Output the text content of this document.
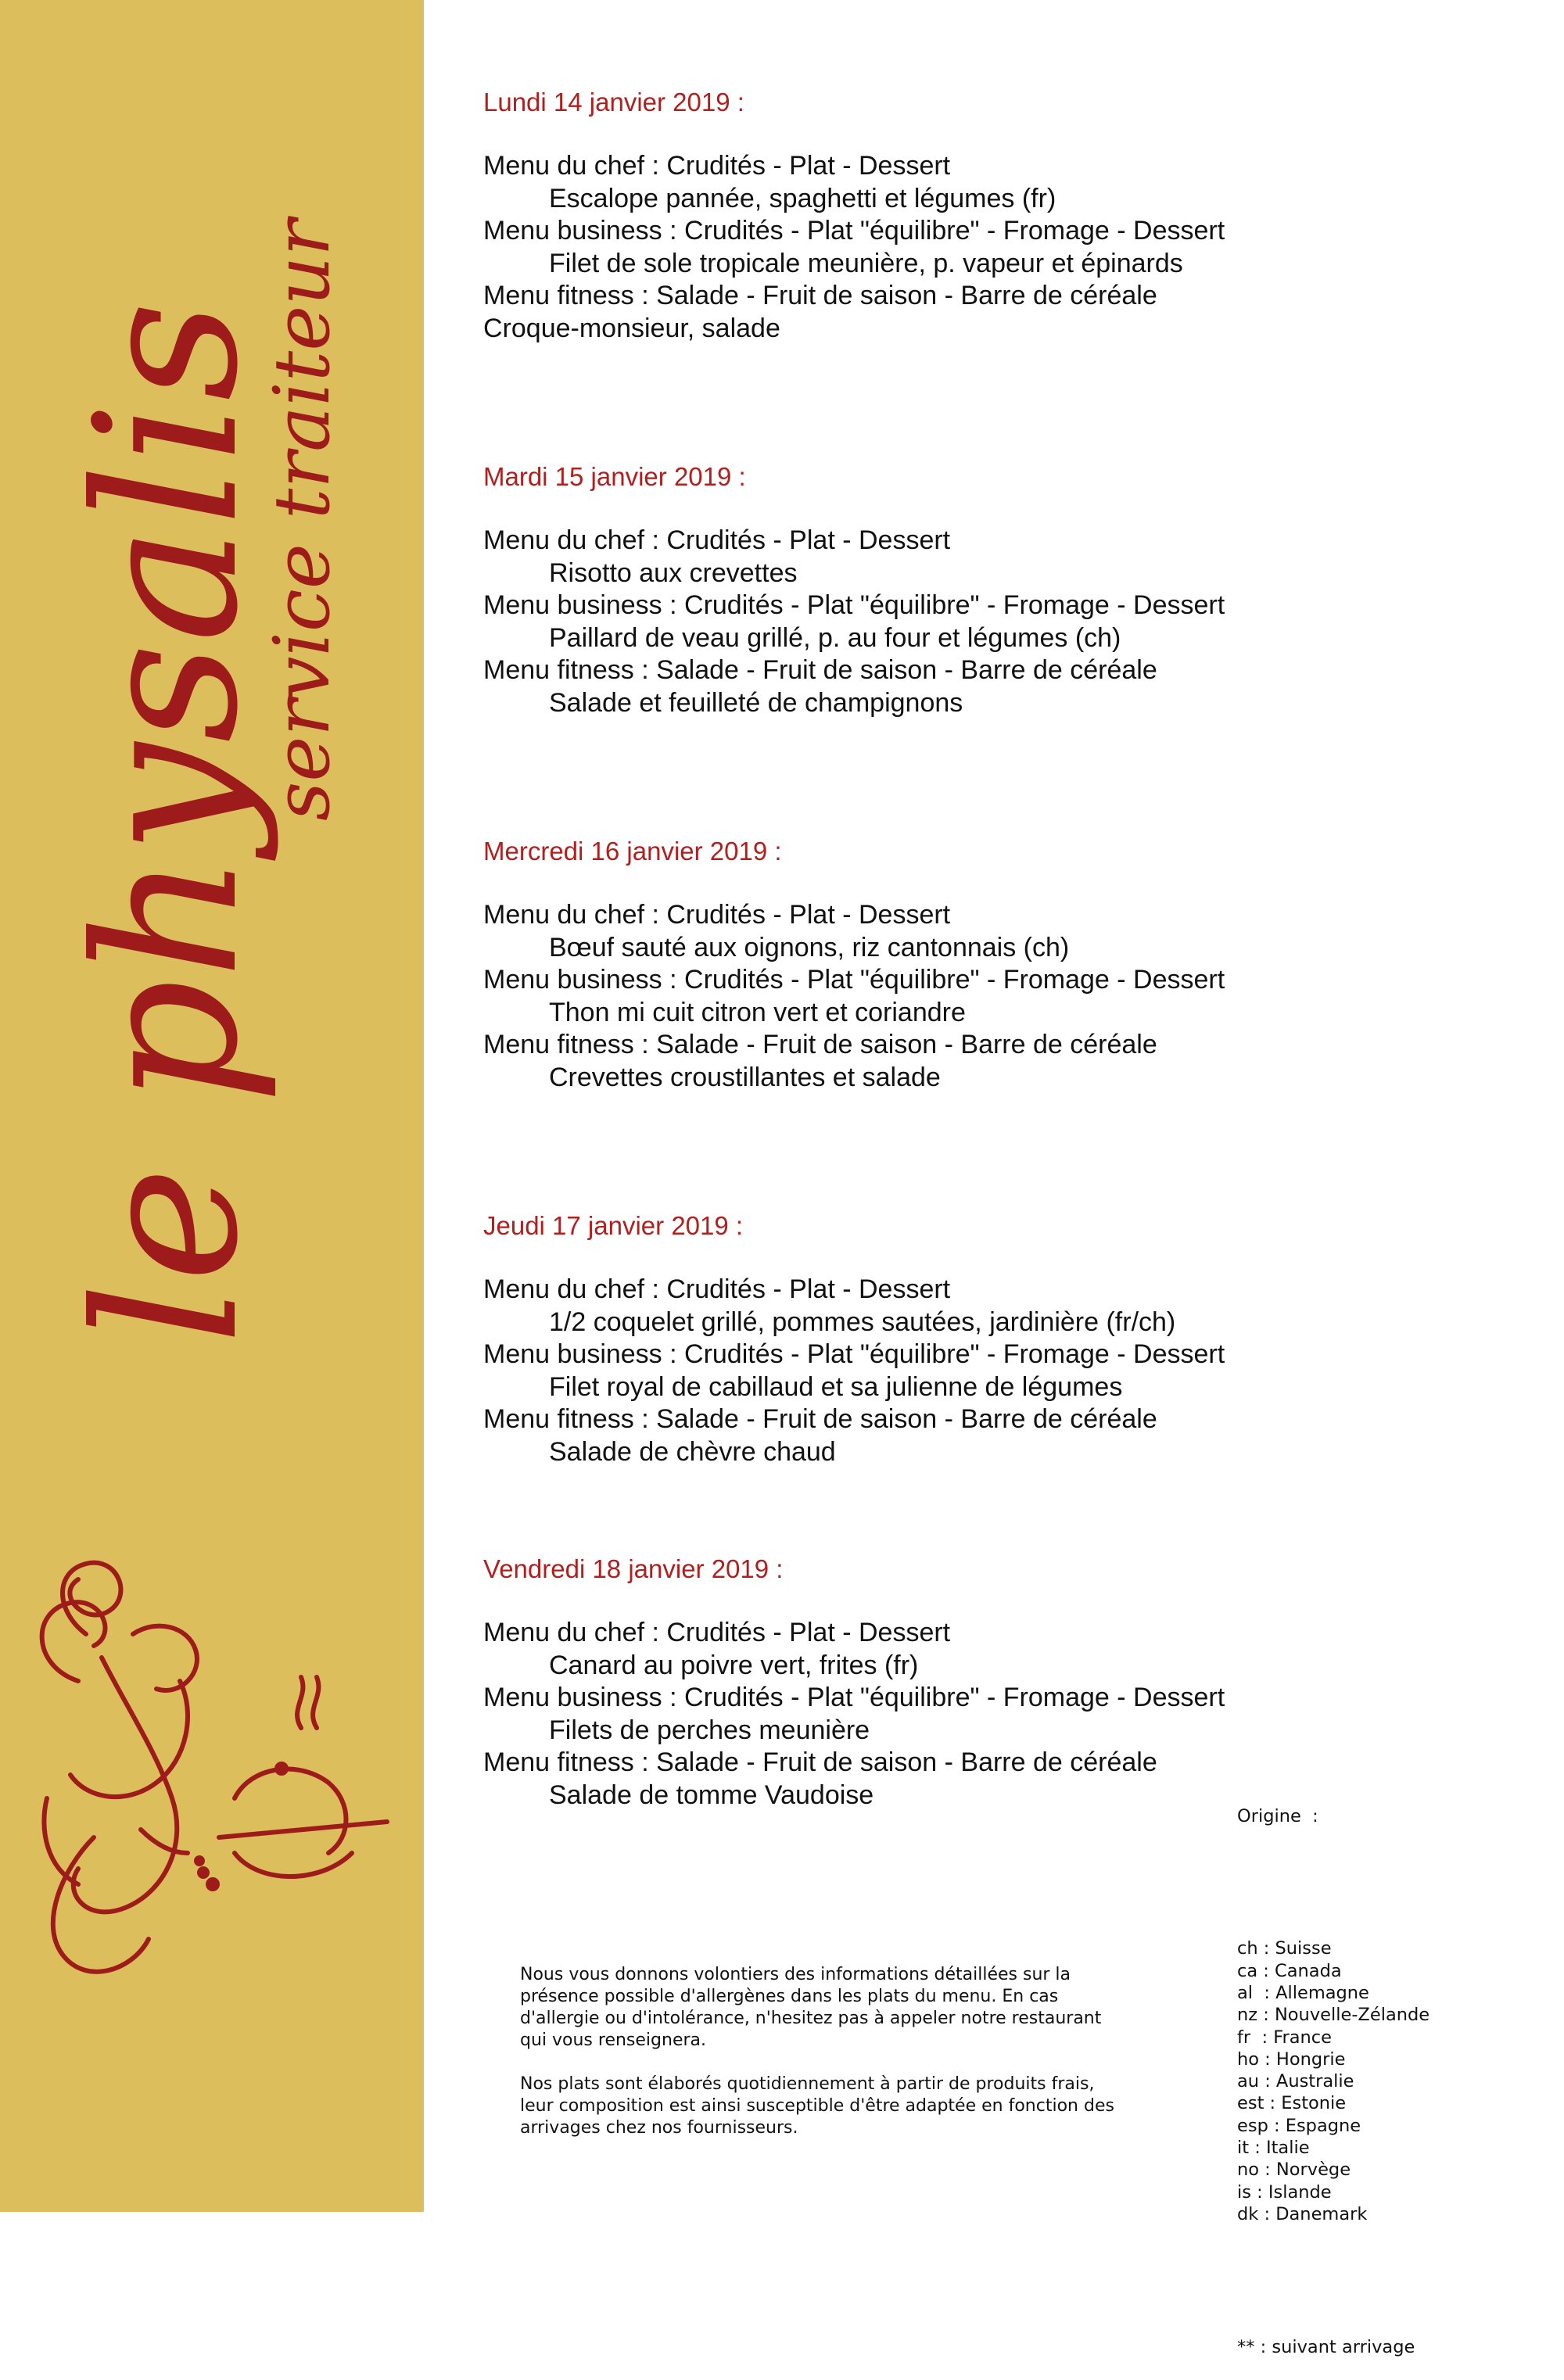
le physalis
service traiteur
Lundi 14 janvier 2019 :
Menu du chef : Crudités - Plat - Dessert
Escalope pannée, spaghetti et légumes (fr)
Menu business : Crudités - Plat "équilibre" - Fromage - Dessert
Filet de sole tropicale meunière, p. vapeur et épinards
Menu fitness : Salade - Fruit de saison - Barre de céréale
Croque-monsieur, salade
Mardi 15 janvier 2019 :
Menu du chef : Crudités - Plat - Dessert
Risotto aux crevettes
Menu business : Crudités - Plat "équilibre" - Fromage - Dessert
Paillard de veau grillé, p. au four et légumes (ch)
Menu fitness : Salade - Fruit de saison - Barre de céréale
Salade et feuilleté de champignons
Mercredi 16 janvier 2019 :
Menu du chef : Crudités - Plat - Dessert
Bœuf sauté aux oignons, riz cantonnais (ch)
Menu business : Crudités - Plat "équilibre" - Fromage - Dessert
Thon mi cuit citron vert et coriandre
Menu fitness : Salade - Fruit de saison - Barre de céréale
Crevettes croustillantes et salade
Jeudi 17 janvier 2019 :
Menu du chef : Crudités - Plat - Dessert
1/2 coquelet grillé, pommes sautées, jardinière (fr/ch)
Menu business : Crudités - Plat "équilibre" - Fromage - Dessert
Filet royal de cabillaud et sa julienne de légumes
Menu fitness : Salade - Fruit de saison - Barre de céréale
Salade de chèvre chaud
Vendredi 18 janvier 2019 :
Menu du chef : Crudités - Plat - Dessert
Canard au poivre vert, frites (fr)
Menu business : Crudités - Plat "équilibre" - Fromage - Dessert
Filets de perches meunière
Menu fitness : Salade - Fruit de saison - Barre de céréale
Salade de tomme Vaudoise

Nous vous donnons volontiers des informations détaillées sur la présence possible d'allergènes dans les plats du menu. En cas d'allergie ou d'intolérance, n'hesitez pas à appeler notre restaurant qui vous renseignera.

Nos plats sont élaborés quotidiennement à partir de produits frais, leur composition est ainsi susceptible d'être adaptée en fonction des arrivages chez nos fournisseurs.

Origine  :

ch : Suisse
ca : Canada
al  : Allemagne
nz : Nouvelle-Zélande
fr  : France
ho : Hongrie
au : Australie
est : Estonie
esp : Espagne
it : Italie
no : Norvège
is : Islande
dk : Danemark

** : suivant arrivage
